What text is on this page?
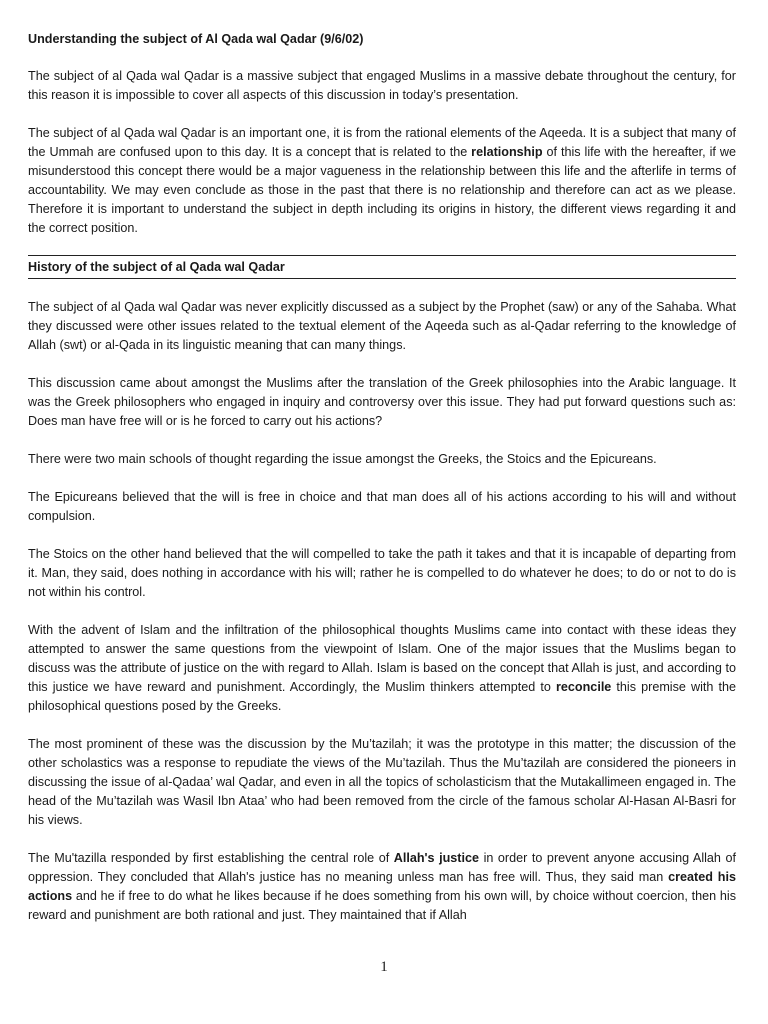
Understanding the subject of Al Qada wal Qadar (9/6/02)

The subject of al Qada wal Qadar is a massive subject that engaged Muslims in a massive debate throughout the century, for this reason it is impossible to cover all aspects of this discussion in today’s presentation.

The subject of al Qada wal Qadar is an important one, it is from the rational elements of the Aqeeda. It is a subject that many of the Ummah are confused upon to this day. It is a concept that is related to the relationship of this life with the hereafter, if we misunderstood this concept there would be a major vagueness in the relationship between this life and the afterlife in terms of accountability. We may even conclude as those in the past that there is no relationship and therefore can act as we please. Therefore it is important to understand the subject in depth including its origins in history, the different views regarding it and the correct position.

History of the subject of al Qada wal Qadar

The subject of al Qada wal Qadar was never explicitly discussed as a subject by the Prophet (saw) or any of the Sahaba. What they discussed were other issues related to the textual element of the Aqeeda such as al-Qadar referring to the knowledge of Allah (swt) or al-Qada in its linguistic meaning that can many things.

This discussion came about amongst the Muslims after the translation of the Greek philosophies into the Arabic language. It was the Greek philosophers who engaged in inquiry and controversy over this issue. They had put forward questions such as: Does man have free will or is he forced to carry out his actions?

There were two main schools of thought regarding the issue amongst the Greeks, the Stoics and the Epicureans.

The Epicureans believed that the will is free in choice and that man does all of his actions according to his will and without compulsion.

The Stoics on the other hand believed that the will compelled to take the path it takes and that it is incapable of departing from it. Man, they said, does nothing in accordance with his will; rather he is compelled to do whatever he does; to do or not to do is not within his control.

With the advent of Islam and the infiltration of the philosophical thoughts Muslims came into contact with these ideas they attempted to answer the same questions from the viewpoint of Islam. One of the major issues that the Muslims began to discuss was the attribute of justice on the with regard to Allah. Islam is based on the concept that Allah is just, and according to this justice we have reward and punishment. Accordingly, the Muslim thinkers attempted to reconcile this premise with the philosophical questions posed by the Greeks.

The most prominent of these was the discussion by the Mu’tazilah; it was the prototype in this matter; the discussion of the other scholastics was a response to repudiate the views of the Mu’tazilah. Thus the Mu’tazilah are considered the pioneers in discussing the issue of al-Qadaa’ wal Qadar, and even in all the topics of scholasticism that the Mutakallimeen engaged in. The head of the Mu’tazilah was Wasil Ibn Ataa’ who had been removed from the circle of the famous scholar Al-Hasan Al-Basri for his views.

The Mu'tazilla responded by first establishing the central role of Allah's justice in order to prevent anyone accusing Allah of oppression. They concluded that Allah's justice has no meaning unless man has free will. Thus, they said man created his actions and he if free to do what he likes because if he does something from his own will, by choice without coercion, then his reward and punishment are both rational and just. They maintained that if Allah

1
